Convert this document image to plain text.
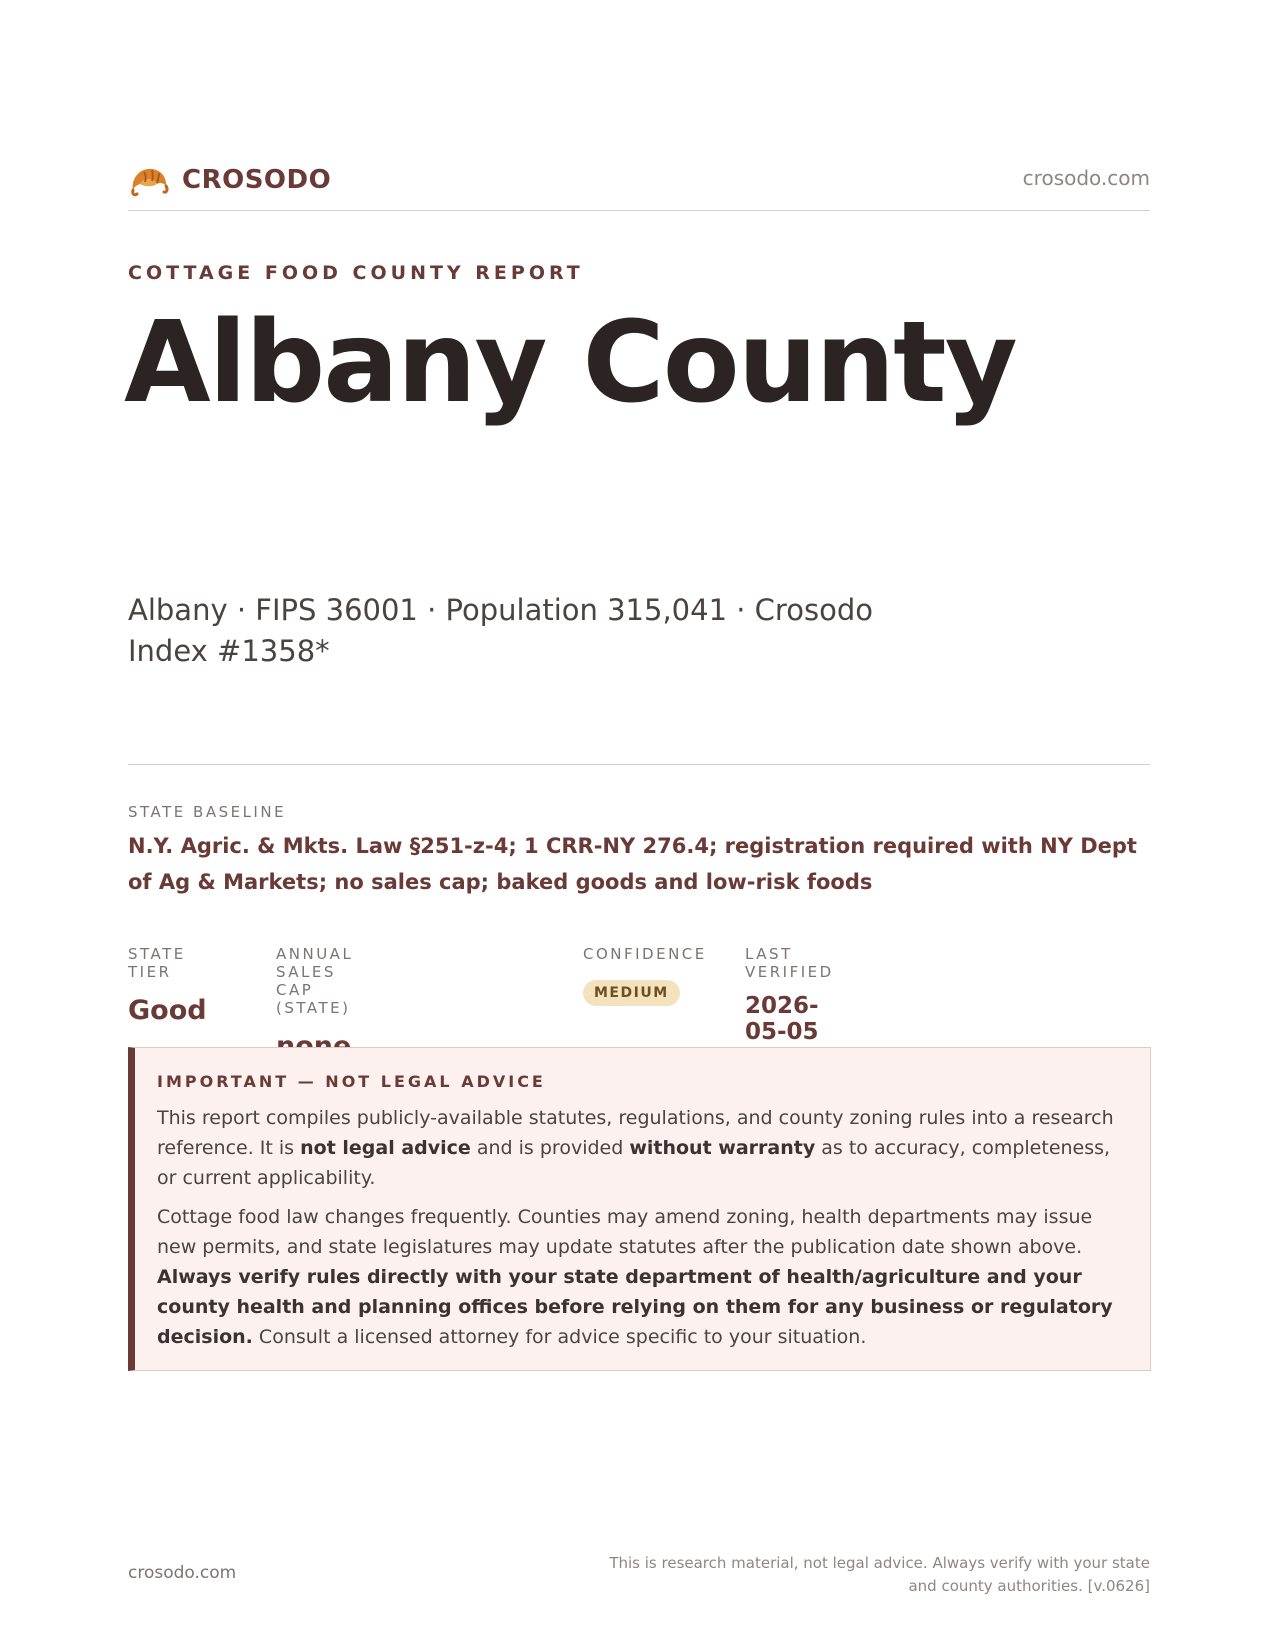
CROSODO	crosodo.com
COTTAGE FOOD COUNTY REPORT
Albany County
Albany · FIPS 36001 · Population 315,041 · Crosodo Index #1358*
STATE BASELINE
N.Y. Agric. & Mkts. Law §251-z-4; 1 CRR-NY 276.4; registration required with NY Dept of Ag & Markets; no sales cap; baked goods and low-risk foods
STATE TIER
Good
ANNUAL SALES CAP (STATE)
CONFIDENCE
MEDIUM
LAST VERIFIED
2026-05-05
IMPORTANT — NOT LEGAL ADVICE

This report compiles publicly-available statutes, regulations, and county zoning rules into a research reference. It is not legal advice and is provided without warranty as to accuracy, completeness, or current applicability.

Cottage food law changes frequently. Counties may amend zoning, health departments may issue new permits, and state legislatures may update statutes after the publication date shown above. Always verify rules directly with your state department of health/agriculture and your county health and planning offices before relying on them for any business or regulatory decision. Consult a licensed attorney for advice specific to your situation.

crosodo.com	This is research material, not legal advice. Always verify with your state and county authorities. [v.0626]
